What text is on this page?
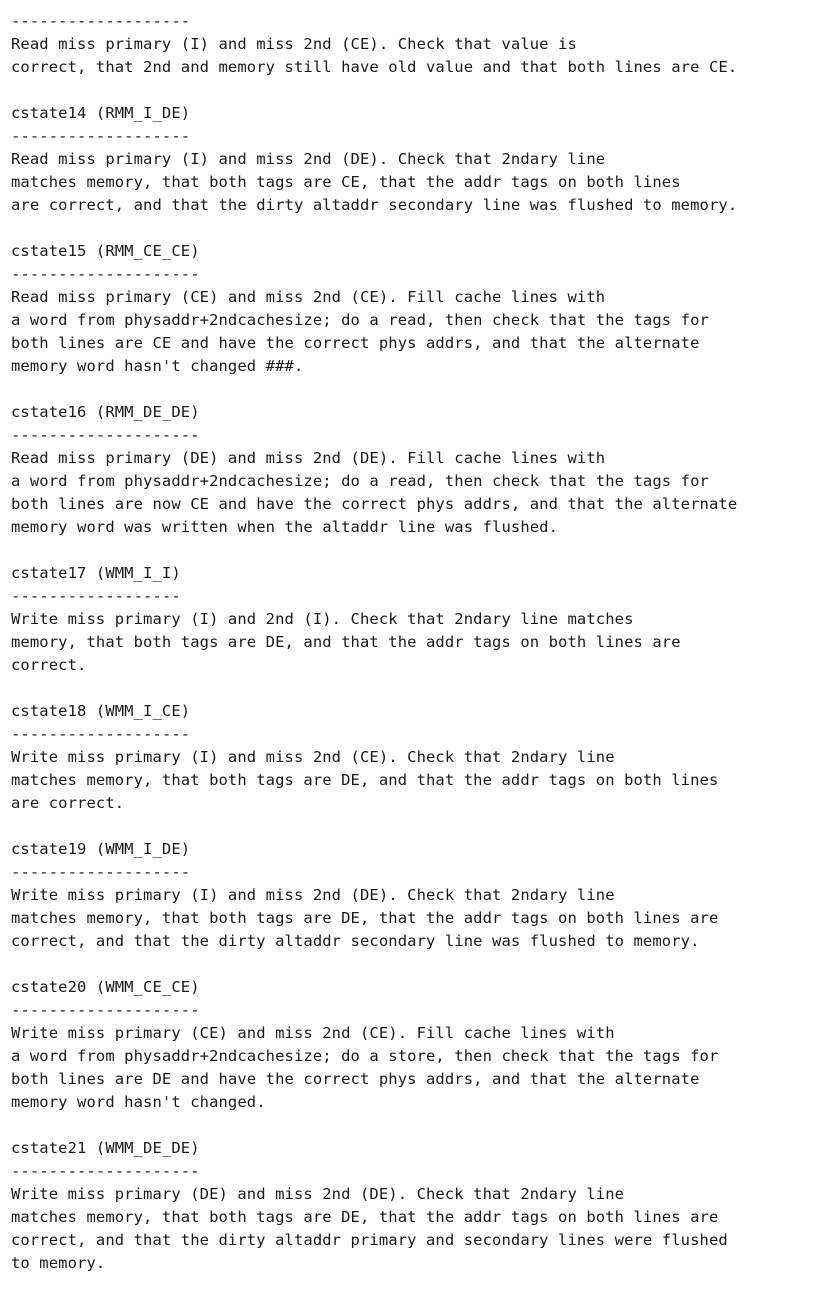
-------------------
Read miss primary (I) and miss 2nd (CE). Check that value is
correct, that 2nd and memory still have old value and that both lines are CE.
cstate14 (RMM_I_DE)
-------------------
Read miss primary (I) and miss 2nd (DE). Check that 2ndary line
matches memory, that both tags are CE, that the addr tags on both lines
are correct, and that the dirty altaddr secondary line was flushed to memory.
cstate15 (RMM_CE_CE)
--------------------
Read miss primary (CE) and miss 2nd (CE). Fill cache lines with
a word from physaddr+2ndcachesize; do a read, then check that the tags for
both lines are CE and have the correct phys addrs, and that the alternate
memory word hasn't changed ###.
cstate16 (RMM_DE_DE)
--------------------
Read miss primary (DE) and miss 2nd (DE). Fill cache lines with
a word from physaddr+2ndcachesize; do a read, then check that the tags for
both lines are now CE and have the correct phys addrs, and that the alternate
memory word was written when the altaddr line was flushed.
cstate17 (WMM_I_I)
------------------
Write miss primary (I) and 2nd (I). Check that 2ndary line matches
memory, that both tags are DE, and that the addr tags on both lines are
correct.
cstate18 (WMM_I_CE)
-------------------
Write miss primary (I) and miss 2nd (CE). Check that 2ndary line
matches memory, that both tags are DE, and that the addr tags on both lines
are correct.
cstate19 (WMM_I_DE)
-------------------
Write miss primary (I) and miss 2nd (DE). Check that 2ndary line
matches memory, that both tags are DE, that the addr tags on both lines are
correct, and that the dirty altaddr secondary line was flushed to memory.
cstate20 (WMM_CE_CE)
--------------------
Write miss primary (CE) and miss 2nd (CE). Fill cache lines with
a word from physaddr+2ndcachesize; do a store, then check that the tags for
both lines are DE and have the correct phys addrs, and that the alternate
memory word hasn't changed.
cstate21 (WMM_DE_DE)
--------------------
Write miss primary (DE) and miss 2nd (DE). Check that 2ndary line
matches memory, that both tags are DE, that the addr tags on both lines are
correct, and that the dirty altaddr primary and secondary lines were flushed
to memory.
